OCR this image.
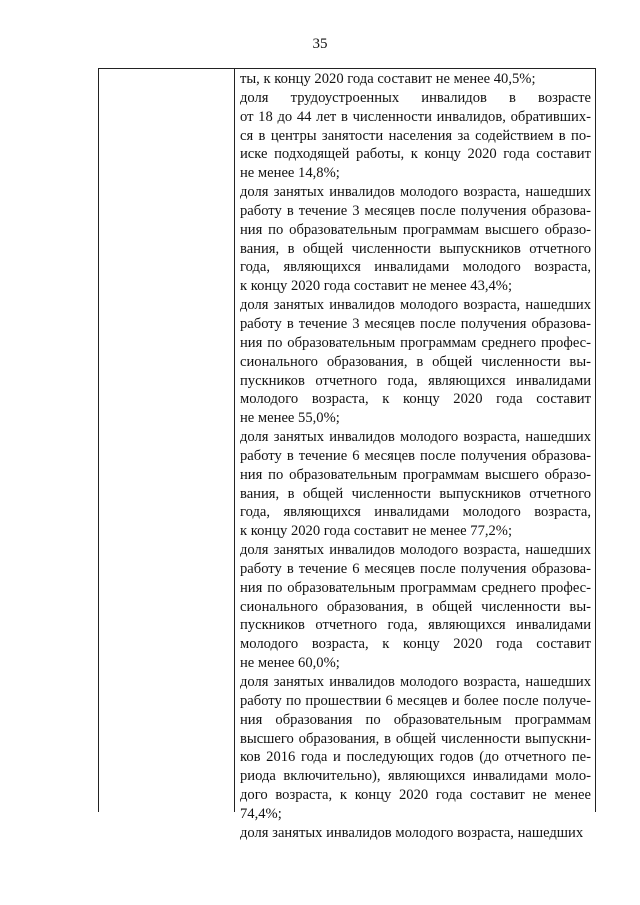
35
ты, к концу 2020 года составит не менее 40,5%;
доля трудоустроенных инвалидов в возрасте
от 18 до 44 лет в численности инвалидов, обративших-
ся в центры занятости населения за содействием в по-
иске подходящей работы, к концу 2020 года составит
не менее 14,8%;
доля занятых инвалидов молодого возраста, нашедших
работу в течение 3 месяцев после получения образова-
ния по образовательным программам высшего образо-
вания, в общей численности выпускников отчетного
года, являющихся инвалидами молодого возраста,
к концу 2020 года составит не менее 43,4%;
доля занятых инвалидов молодого возраста, нашедших
работу в течение 3 месяцев после получения образова-
ния по образовательным программам среднего профес-
сионального образования, в общей численности вы-
пускников отчетного года, являющихся инвалидами
молодого возраста, к концу 2020 года составит
не менее 55,0%;
доля занятых инвалидов молодого возраста, нашедших
работу в течение 6 месяцев после получения образова-
ния по образовательным программам высшего образо-
вания, в общей численности выпускников отчетного
года, являющихся инвалидами молодого возраста,
к концу 2020 года составит не менее 77,2%;
доля занятых инвалидов молодого возраста, нашедших
работу в течение 6 месяцев после получения образова-
ния по образовательным программам среднего профес-
сионального образования, в общей численности вы-
пускников отчетного года, являющихся инвалидами
молодого возраста, к концу 2020 года составит
не менее 60,0%;
доля занятых инвалидов молодого возраста, нашедших
работу по прошествии 6 месяцев и более после получе-
ния образования по образовательным программам
высшего образования, в общей численности выпускни-
ков 2016 года и последующих годов (до отчетного пе-
риода включительно), являющихся инвалидами моло-
дого возраста, к концу 2020 года составит не менее
74,4%;
доля занятых инвалидов молодого возраста, нашедших
